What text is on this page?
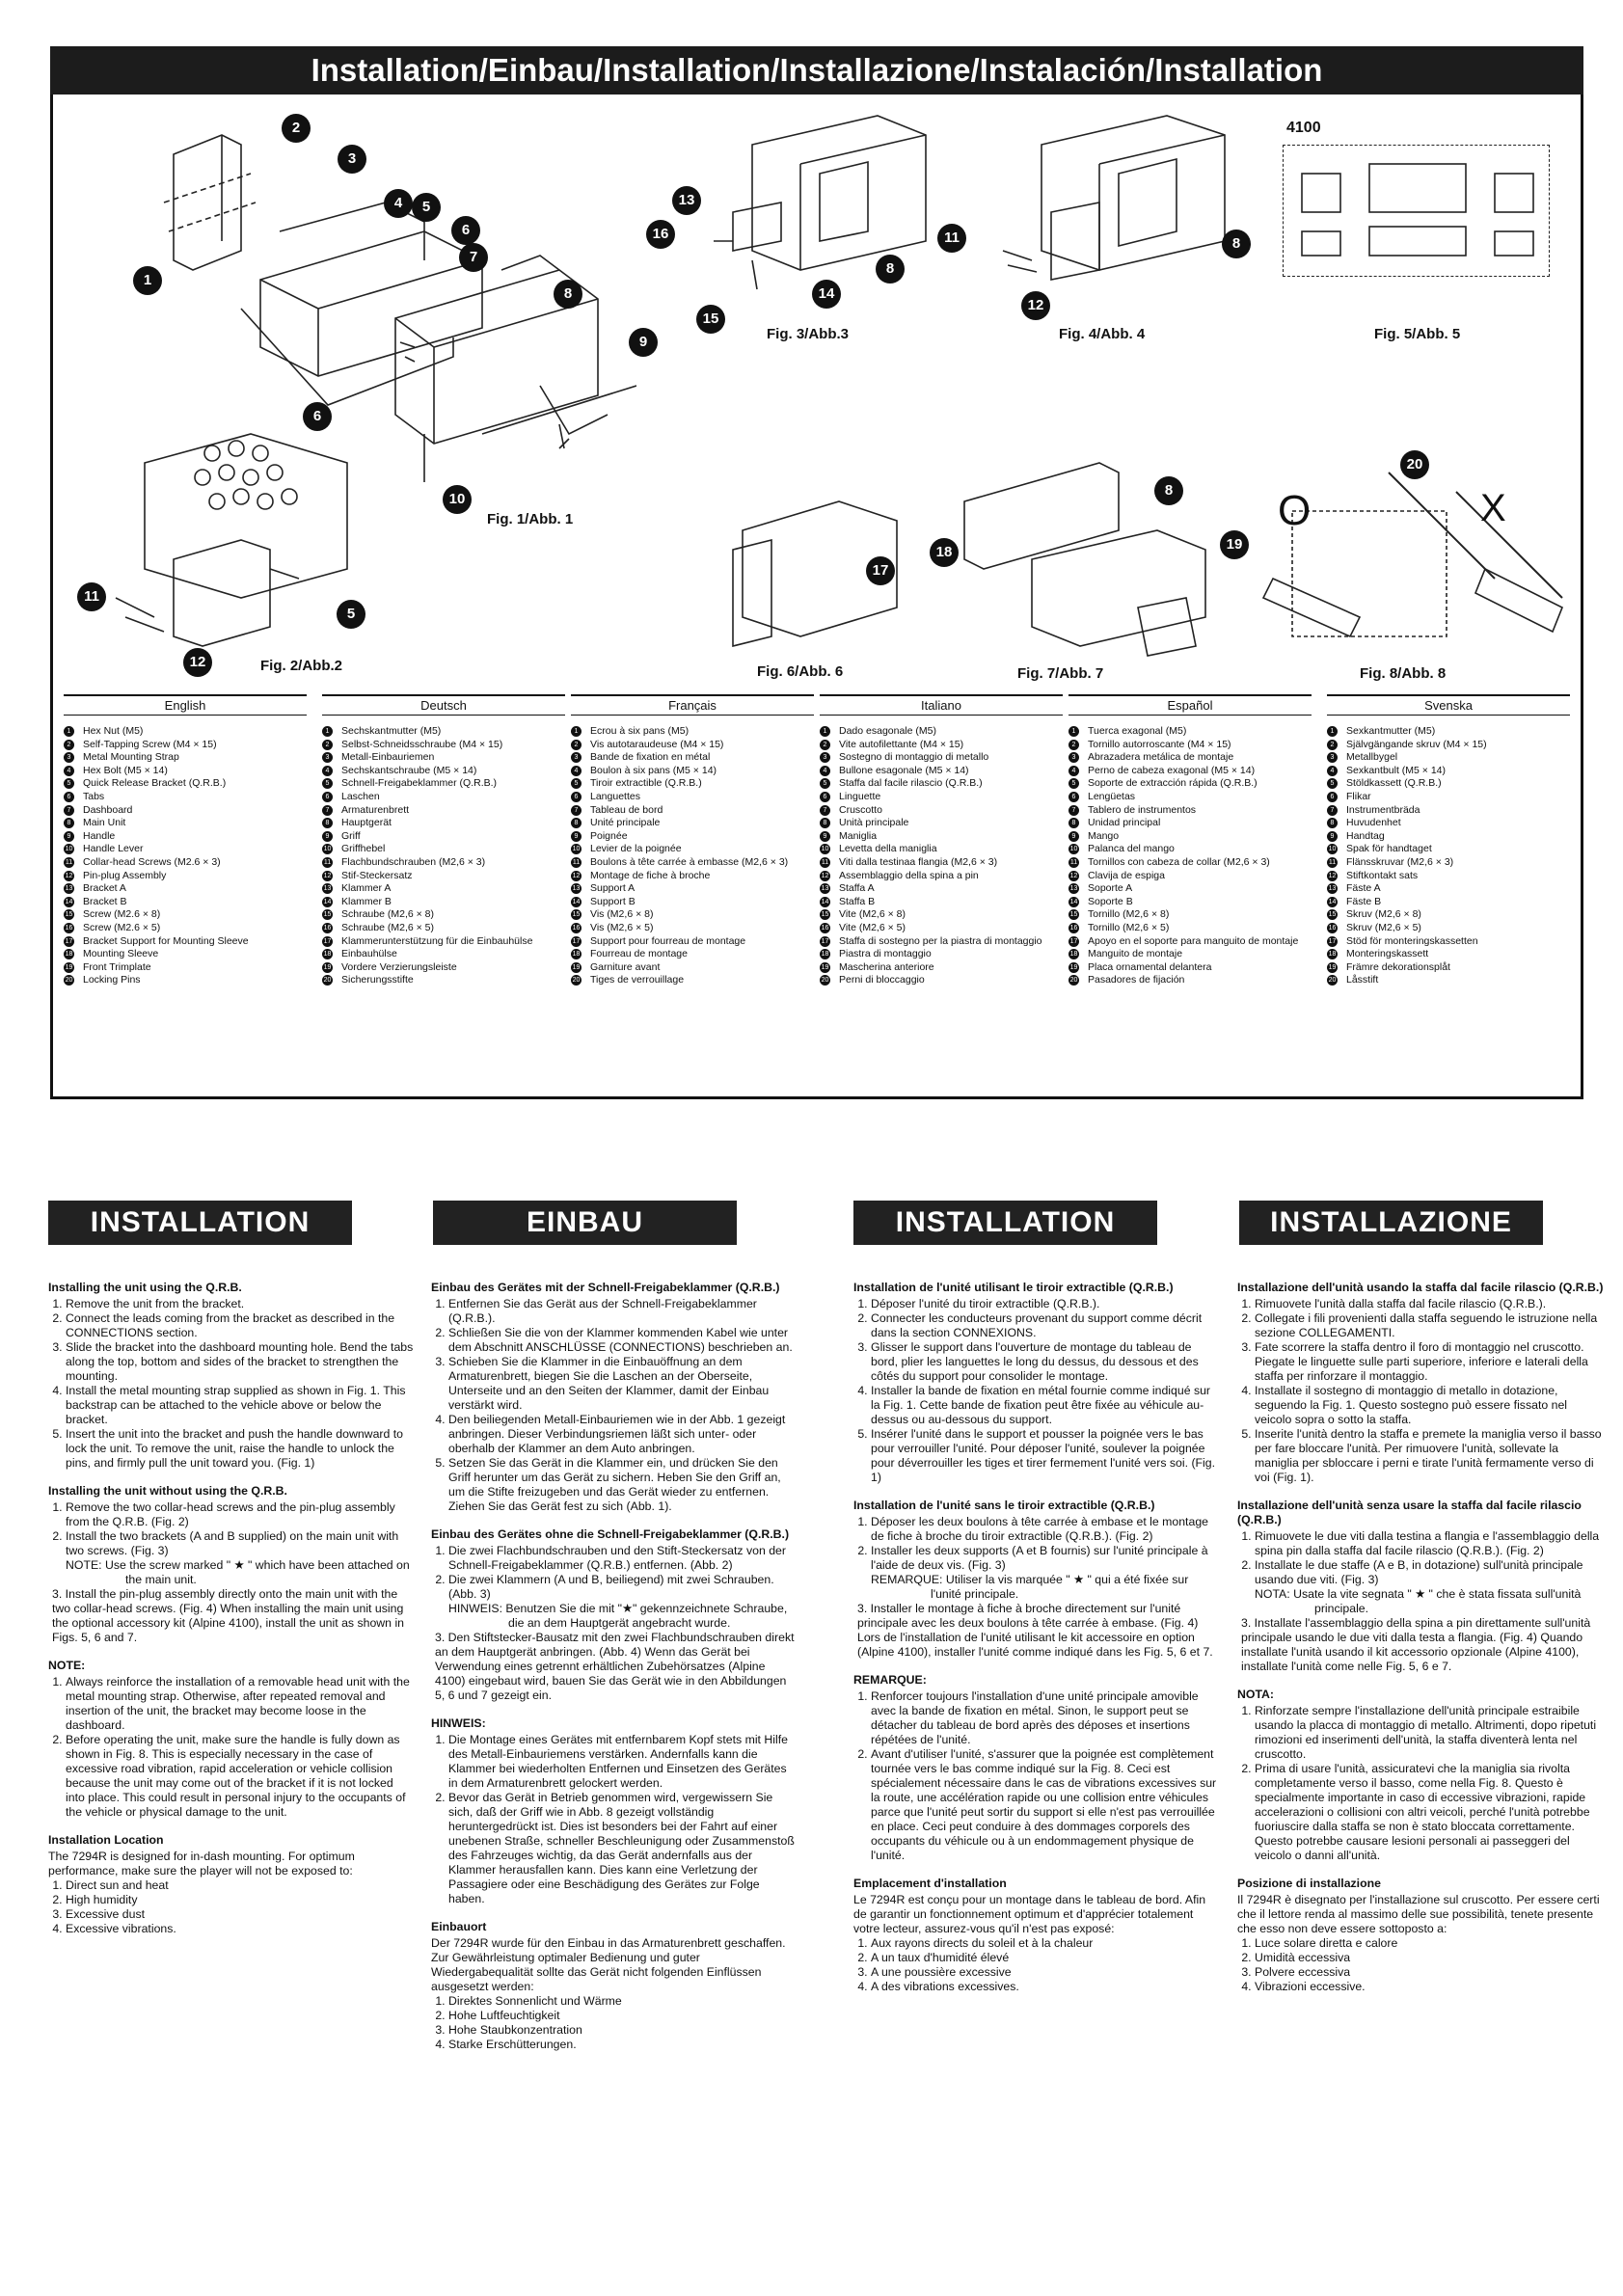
Installation/Einbau/Installation/Installazione/Instalación/Installation
4100
O	X
Fig. 1/Abb. 1
Fig. 2/Abb.2
Fig. 3/Abb.3	Fig. 4/Abb. 4	Fig. 5/Abb. 5
Fig. 6/Abb. 6	Fig. 7/Abb. 7	Fig. 8/Abb. 8
1
2
3
4	5
6
7
8
9
6
10
5
11
12
13
16
8
14
15
11
12
8
17
18
8
19
20
English
1	Hex Nut (M5)
2	Self-Tapping Screw (M4 × 15)
3	Metal Mounting Strap
4	Hex Bolt (M5 × 14)
5	Quick Release Bracket (Q.R.B.)
6	Tabs
7	Dashboard
8	Main Unit
9	Handle
10 Handle Lever
11 Collar-head Screws (M2.6 × 3)
12 Pin-plug Assembly
13 Bracket A
14 Bracket B
15 Screw (M2.6 × 8)
16 Screw (M2.6 × 5)
17 Bracket Support for Mounting Sleeve
18 Mounting Sleeve
19 Front Trimplate
20 Locking Pins
Deutsch
1	Sechskantmutter (M5)
2	Selbst-Schneidsschraube (M4 × 15)
3	Metall-Einbauriemen
4	Sechskantschraube (M5 × 14)
5	Schnell-Freigabeklammer (Q.R.B.)
6	Laschen
7	Armaturenbrett
8	Hauptgerät
9	Griff
10 Griffhebel
11 Flachbundschrauben (M2,6 × 3)
12 Stif-Steckersatz
13 Klammer A
14 Klammer B
15 Schraube (M2,6 × 8)
16 Schraube (M2,6 × 5)
17 Klammerunterstützung für die Einbauhülse
18 Einbauhülse
19 Vordere Verzierungsleiste
20 Sicherungsstifte
Français
1	Ecrou à six pans (M5)
2	Vis autotaraudeuse (M4 × 15)
3	Bande de fixation en métal
4	Boulon à six pans (M5 × 14)
5	Tiroir extractible (Q.R.B.)
6	Languettes
7	Tableau de bord
8	Unité principale
9	Poignée
10 Levier de la poignée
11 Boulons à tête carrée à embasse (M2,6 × 3)
12 Montage de fiche à broche
13 Support A
14 Support B
15 Vis (M2,6 × 8)
16 Vis (M2,6 × 5)
17 Support pour fourreau de montage
18 Fourreau de montage
19 Garniture avant
20 Tiges de verrouillage
Italiano
1	Dado esagonale (M5)
2	Vite autofilettante (M4 × 15)
3	Sostegno di montaggio di metallo
4	Bullone esagonale (M5 × 14)
5	Staffa dal facile rilascio (Q.R.B.)
6	Linguette
7	Cruscotto
8	Unità principale
9	Maniglia
10 Levetta della maniglia
11 Viti dalla testinaa flangia (M2,6 × 3)
12 Assemblaggio della spina a pin
13 Staffa A
14 Staffa B
15 Vite (M2,6 × 8)
16 Vite (M2,6 × 5)
17 Staffa di sostegno per la piastra di montaggio
18 Piastra di montaggio
19 Mascherina anteriore
20 Perni di bloccaggio
Español
1	Tuerca exagonal (M5)
2	Tornillo autorroscante (M4 × 15)
3	Abrazadera metálica de montaje
4	Perno de cabeza exagonal (M5 × 14)
5	Soporte de extracción rápida (Q.R.B.)
6	Lengüetas
7	Tablero de instrumentos
8	Unidad principal
9	Mango
10 Palanca del mango
11 Tornillos con cabeza de collar (M2,6 × 3)
12 Clavija de espiga
13 Soporte A
14 Soporte B
15 Tornillo (M2,6 × 8)
16 Tornillo (M2,6 × 5)
17 Apoyo en el soporte para manguito de montaje
18 Manguito de montaje
19 Placa ornamental delantera
20 Pasadores de fijación
Svenska
1	Sexkantmutter (M5)
2	Självgängande skruv (M4 × 15)
3	Metallbygel
4	Sexkantbult (M5 × 14)
5	Stöldkassett (Q.R.B.)
6	Flikar
7	Instrumentbräda
8	Huvudenhet
9	Handtag
10 Spak för handtaget
11 Flänsskruvar (M2,6 × 3)
12 Stiftkontakt sats
13 Fäste A
14 Fäste B
15 Skruv (M2,6 × 8)
16 Skruv (M2,6 × 5)
17 Stöd för monteringskassetten
18 Monteringskassett
19 Främre dekorationsplåt
20 Låsstift
INSTALLATION	EINBAU	INSTALLATION	INSTALLAZIONE
Installing the unit using the Q.R.B.
1. Remove the unit from the bracket.
2. Connect the leads coming from the bracket as described in the CONNECTIONS section.
3. Slide the bracket into the dashboard mounting hole. Bend the tabs along the top, bottom and sides of the bracket to strengthen the mounting.
4. Install the metal mounting strap supplied as shown in Fig. 1. This backstrap can be attached to the vehicle above or below the bracket.
5. Insert the unit into the bracket and push the handle downward to lock the unit. To remove the unit, raise the handle to unlock the pins, and firmly pull the unit toward you. (Fig. 1)
Installing the unit without using the Q.R.B.
1. Remove the two collar-head screws and the pin-plug assembly from the Q.R.B. (Fig. 2)
2. Install the two brackets (A and B supplied) on the main unit with two screws. (Fig. 3)

NOTE: Use the screw marked " ★ " which have been attached on the main unit.

3. Install the pin-plug assembly directly onto the main unit with the two collar-head screws. (Fig. 4) When installing the main unit using the optional accessory kit (Alpine 4100), install the unit as shown in Figs. 5, 6 and 7.

NOTE:
1. Always reinforce the installation of a removable head unit with the metal mounting strap. Otherwise, after repeated removal and insertion of the unit, the bracket may become loose in the dashboard.
2. Before operating the unit, make sure the handle is fully down as shown in Fig. 8. This is especially necessary in the case of excessive road vibration, rapid acceleration or vehicle collision because the unit may come out of the bracket if it is not locked into place. This could result in personal injury to the occupants of the vehicle or physical damage to the unit.
Installation Location

The 7294R is designed for in-dash mounting. For optimum performance, make sure the player will not be exposed to:

1. Direct sun and heat
2. High humidity
3. Excessive dust
4. Excessive vibrations.
Einbau des Gerätes mit der Schnell-Freigabeklammer (Q.R.B.)
1. Entfernen Sie das Gerät aus der Schnell-Freigabeklammer (Q.R.B.).
2. Schließen Sie die von der Klammer kommenden Kabel wie unter dem Abschnitt ANSCHLÜSSE (CONNECTIONS) beschrieben an.
3. Schieben Sie die Klammer in die Einbauöffnung an dem Armaturenbrett, biegen Sie die Laschen an der Oberseite, Unterseite und an den Seiten der Klammer, damit der Einbau verstärkt wird.
4. Den beiliegenden Metall-Einbauriemen wie in der Abb. 1 gezeigt anbringen. Dieser Verbindungsriemen läßt sich unter- oder oberhalb der Klammer an dem Auto anbringen.
5. Setzen Sie das Gerät in die Klammer ein, und drücken Sie den Griff herunter um das Gerät zu sichern. Heben Sie den Griff an, um die Stifte freizugeben und das Gerät wieder zu entfernen. Ziehen Sie das Gerät fest zu sich (Abb. 1).
Einbau des Gerätes ohne die Schnell-Freigabeklammer (Q.R.B.)
1. Die zwei Flachbundschrauben und den Stift-Steckersatz von der Schnell-Freigabeklammer (Q.R.B.) entfernen. (Abb. 2)
2. Die zwei Klammern (A und B, beiliegend) mit zwei Schrauben. (Abb. 3)

HINWEIS: Benutzen Sie die mit "★" gekennzeichnete Schraube, die an dem Hauptgerät angebracht wurde.

3. Den Stiftstecker-Bausatz mit den zwei Flachbundschrauben direkt an dem Hauptgerät anbringen. (Abb. 4) Wenn das Gerät bei Verwendung eines getrennt erhältlichen Zubehörsatzes (Alpine 4100) eingebaut wird, bauen Sie das Gerät wie in den Abbildungen 5, 6 und 7 gezeigt ein.

HINWEIS:
1. Die Montage eines Gerätes mit entfernbarem Kopf stets mit Hilfe des Metall-Einbauriemens verstärken. Andernfalls kann die Klammer bei wiederholten Entfernen und Einsetzen des Gerätes in dem Armaturenbrett gelockert werden.
2. Bevor das Gerät in Betrieb genommen wird, vergewissern Sie sich, daß der Griff wie in Abb. 8 gezeigt vollständig heruntergedrückt ist. Dies ist besonders bei der Fahrt auf einer unebenen Straße, schneller Beschleunigung oder Zusammenstoß des Fahrzeuges wichtig, da das Gerät andernfalls aus der Klammer herausfallen kann. Dies kann eine Verletzung der Passagiere oder eine Beschädigung des Gerätes zur Folge haben.
Einbauort

Der 7294R wurde für den Einbau in das Armaturenbrett geschaffen. Zur Gewährleistung optimaler Bedienung und guter Wiedergabequalität sollte das Gerät nicht folgenden Einflüssen ausgesetzt werden:

1. Direktes Sonnenlicht und Wärme
2. Hohe Luftfeuchtigkeit
3. Hohe Staubkonzentration
4. Starke Erschütterungen.
Installation de l'unité utilisant le tiroir extractible (Q.R.B.)
1. Déposer l'unité du tiroir extractible (Q.R.B.).
2. Connecter les conducteurs provenant du support comme décrit dans la section CONNEXIONS.
3. Glisser le support dans l'ouverture de montage du tableau de bord, plier les languettes le long du dessus, du dessous et des côtés du support pour consolider le montage.
4. Installer la bande de fixation en métal fournie comme indiqué sur la Fig. 1. Cette bande de fixation peut être fixée au véhicule au-dessus ou au-dessous du support.
5. Insérer l'unité dans le support et pousser la poignée vers le bas pour verrouiller l'unité. Pour déposer l'unité, soulever la poignée pour déverrouiller les tiges et tirer fermement l'unité vers soi. (Fig. 1)
Installation de l'unité sans le tiroir extractible (Q.R.B.)
1. Déposer les deux boulons à tête carrée à embase et le montage de fiche à broche du tiroir extractible (Q.R.B.). (Fig. 2)
2. Installer les deux supports (A et B fournis) sur l'unité principale à l'aide de deux vis. (Fig. 3)

REMARQUE: Utiliser la vis marquée " ★ " qui a été fixée sur l'unité principale.

3. Installer le montage à fiche à broche directement sur l'unité principale avec les deux boulons à tête carrée à embase. (Fig. 4) Lors de l'installation de l'unité utilisant le kit accessoire en option (Alpine 4100), installer l'unité comme indiqué dans les Fig. 5, 6 et 7.

REMARQUE:
1. Renforcer toujours l'installation d'une unité principale amovible avec la bande de fixation en métal. Sinon, le support peut se détacher du tableau de bord après des déposes et insertions répétées de l'unité.
2. Avant d'utiliser l'unité, s'assurer que la poignée est complètement tournée vers le bas comme indiqué sur la Fig. 8. Ceci est spécialement nécessaire dans le cas de vibrations excessives sur la route, une accélération rapide ou une collision entre véhicules parce que l'unité peut sortir du support si elle n'est pas verrouillée en place. Ceci peut conduire à des dommages corporels des occupants du véhicule ou à un endommagement physique de l'unité.
Emplacement d'installation

Le 7294R est conçu pour un montage dans le tableau de bord. Afin de garantir un fonctionnement optimum et d'apprécier totalement votre lecteur, assurez-vous qu'il n'est pas exposé:

1. Aux rayons directs du soleil et à la chaleur
2. A un taux d'humidité élevé
3. A une poussière excessive
4. A des vibrations excessives.
Installazione dell'unità usando la staffa dal facile rilascio (Q.R.B.)
1. Rimuovete l'unità dalla staffa dal facile rilascio (Q.R.B.).
2. Collegate i fili provenienti dalla staffa seguendo le istruzione nella sezione COLLEGAMENTI.
3. Fate scorrere la staffa dentro il foro di montaggio nel cruscotto. Piegate le linguette sulle parti superiore, inferiore e laterali della staffa per rinforzare il montaggio.
4. Installate il sostegno di montaggio di metallo in dotazione, seguendo la Fig. 1. Questo sostegno può essere fissato nel veicolo sopra o sotto la staffa.
5. Inserite l'unità dentro la staffa e premete la maniglia verso il basso per fare bloccare l'unità. Per rimuovere l'unità, sollevate la maniglia per sbloccare i perni e tirate l'unità fermamente verso di voi (Fig. 1).
Installazione dell'unità senza usare la staffa dal facile rilascio (Q.R.B.)
1. Rimuovete le due viti dalla testina a flangia e l'assemblaggio della spina pin dalla staffa dal facile rilascio (Q.R.B.). (Fig. 2)
2. Installate le due staffe (A e B, in dotazione) sull'unità principale usando due viti. (Fig. 3)

NOTA: Usate la vite segnata " ★ " che è stata fissata sull'unità principale.

3. Installate l'assemblaggio della spina a pin direttamente sull'unità principale usando le due viti dalla testa a flangia. (Fig. 4) Quando installate l'unità usando il kit accessorio opzionale (Alpine 4100), installate l'unità come nelle Fig. 5, 6 e 7.

NOTA:
1. Rinforzate sempre l'installazione dell'unità principale estraibile usando la placca di montaggio di metallo. Altrimenti, dopo ripetuti rimozioni ed inserimenti dell'unità, la staffa diventerà lenta nel cruscotto.
2. Prima di usare l'unità, assicuratevi che la maniglia sia rivolta completamente verso il basso, come nella Fig. 8. Questo è specialmente importante in caso di eccessive vibrazioni, rapide accelerazioni o collisioni con altri veicoli, perché l'unità potrebbe fuoriuscire dalla staffa se non è stato bloccata correttamente. Questo potrebbe causare lesioni personali ai passeggeri del veicolo o danni all'unità.
Posizione di installazione

Il 7294R è disegnato per l'installazione sul cruscotto. Per essere certi che il lettore renda al massimo delle sue possibilità, tenete presente che esso non deve essere sottoposto a:

1. Luce solare diretta e calore
2. Umidità eccessiva
3. Polvere eccessiva
4. Vibrazioni eccessive.
